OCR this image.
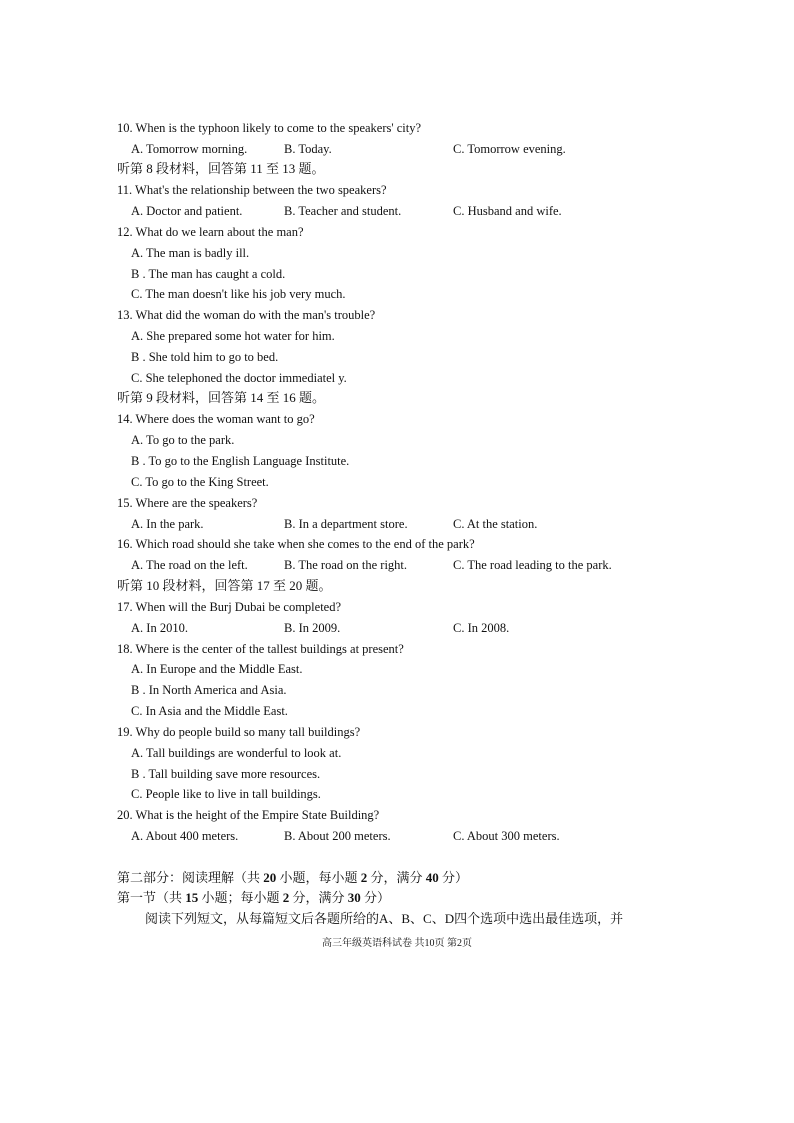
10. When is the typhoon likely to come to the speakers' city?
A. Tomorrow morning.	B. Today.	C. Tomorrow evening.
听第 8 段材料，回答第 11 至 13 题。
11. What's the relationship between the two speakers?
A. Doctor and patient.	B. Teacher and student.	C. Husband and wife.
12. What do we learn about the man?
A. The man is badly ill.
B . The man has caught a cold.
C. The man doesn't like his job very much.
13. What did the woman do with the man's trouble?
A. She prepared some hot water for him.
B . She told him to go to bed.
C. She telephoned the doctor immediatel y.
听第 9 段材料，回答第 14 至 16 题。
14. Where does the woman want to go?
A. To go to the park.
B . To go to the English Language Institute.
C. To go to the King Street.
15. Where are the speakers?
A. In the park.	B. In a department store.	C. At the station.
16. Which road should she take when she comes to the end of the park?
A. The road on the left.	B. The road on the right.	C. The road leading to the park.
听第 10 段材料，回答第 17 至 20 题。
17. When will the Burj Dubai be completed?
A. In 2010.	B. In 2009.	C. In 2008.
18. Where is the center of the tallest buildings at present?
A. In Europe and the Middle East.
B . In North America and Asia.
C. In Asia and the Middle East.
19. Why do people build so many tall buildings?
A. Tall buildings are wonderful to look at.
B . Tall building save more resources.
C. People like to live in tall buildings.
20. What is the height of the Empire State Building?
A. About 400 meters.	B. About 200 meters.	C. About 300 meters.
第二部分：阅读理解（共 20 小题，每小题 2 分，满分 40 分）
第一节（共 15 小题；每小题 2 分，满分 30 分）
阅读下列短文，从每篇短文后各题所给的A、B、C、D四个选项中选出最佳选项，并
高三年级英语科试卷 共10页 第2页
